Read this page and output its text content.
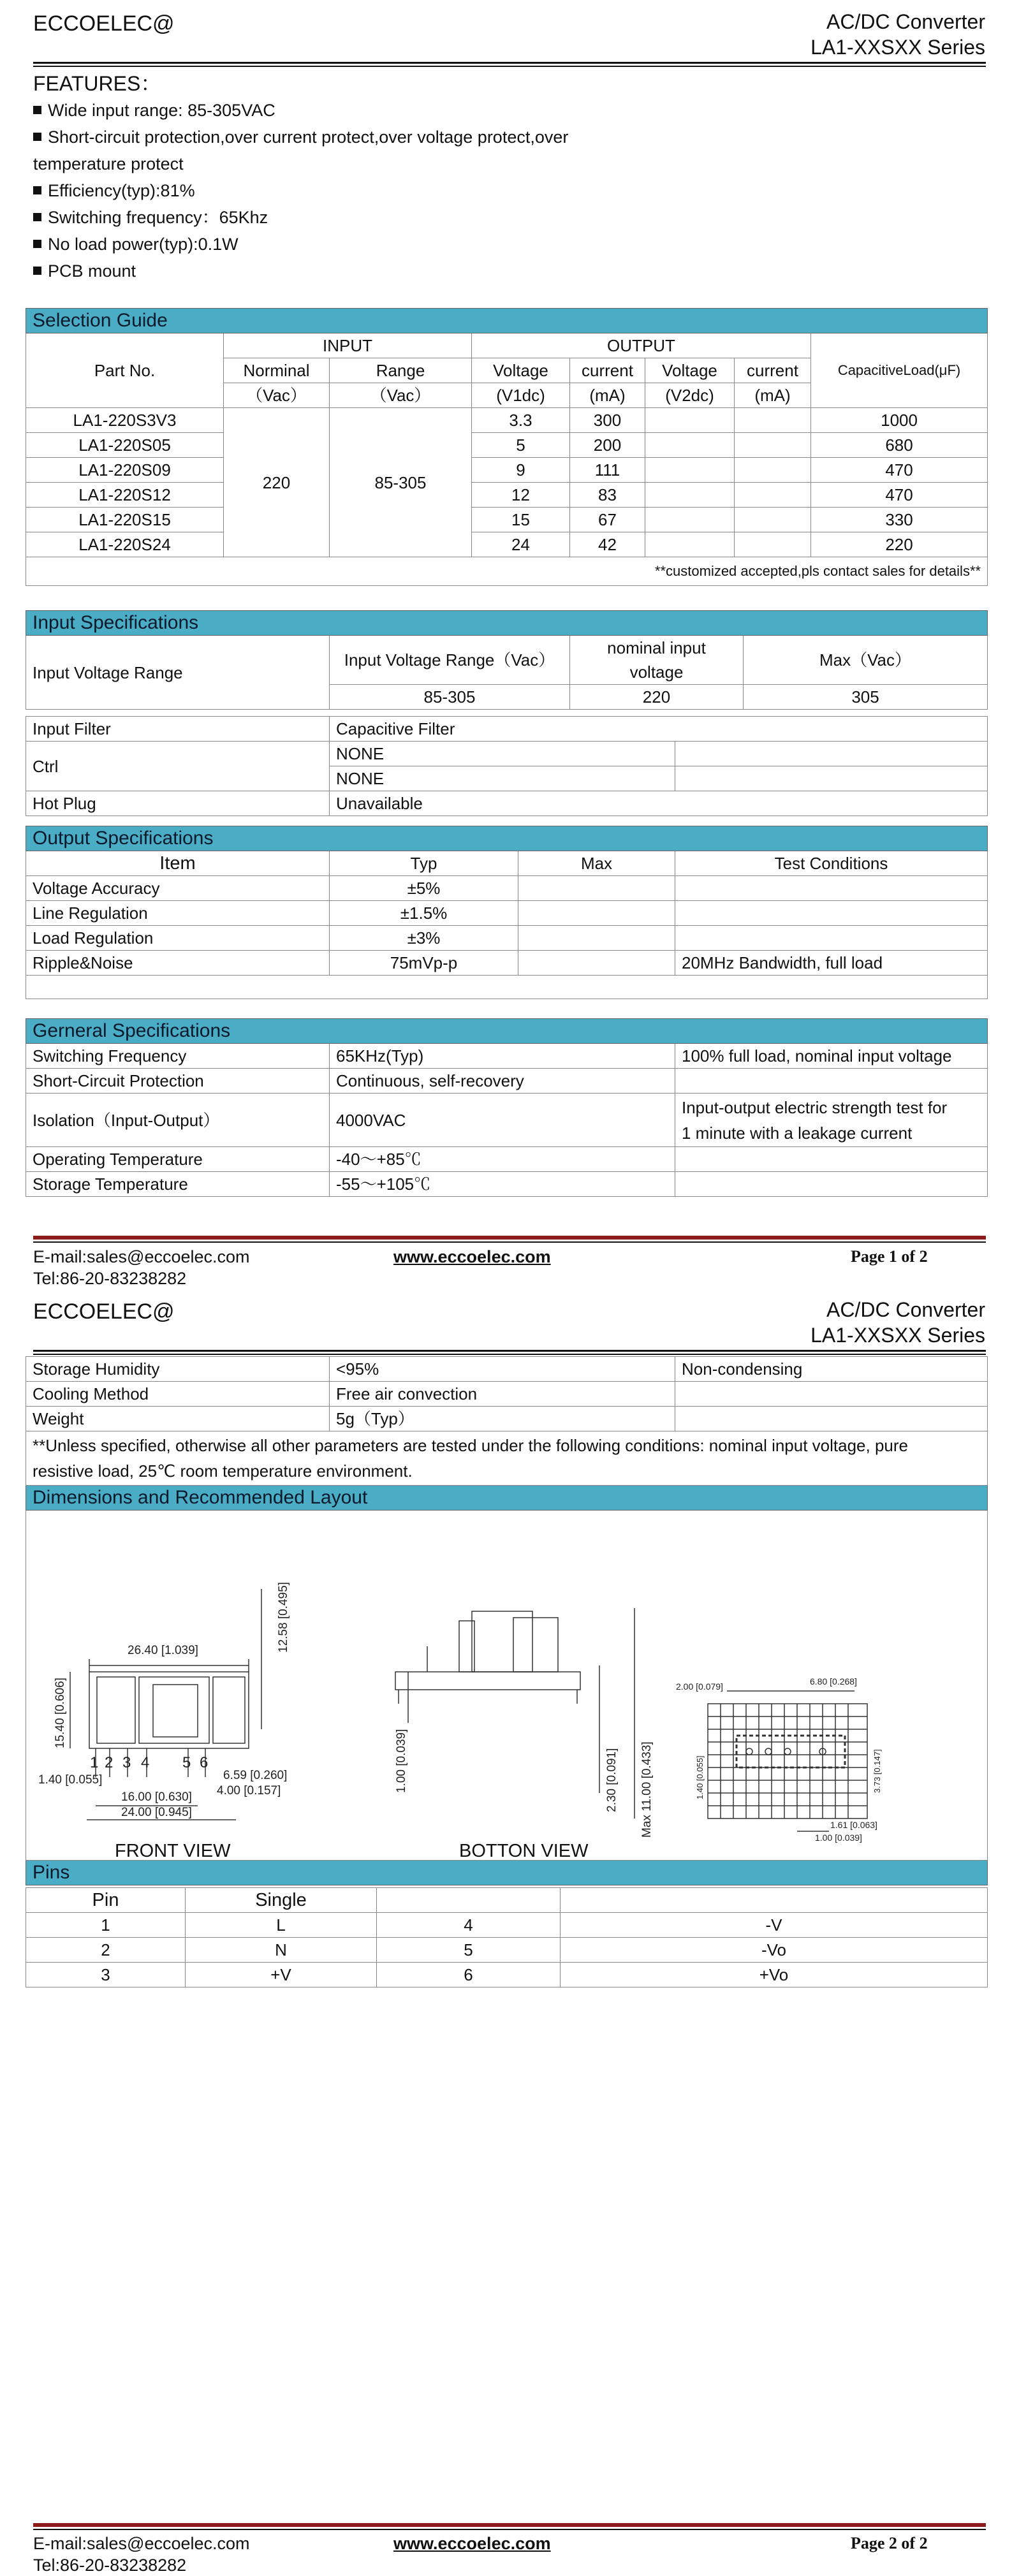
ECCOELEC@	AC/DC Converter
LA1-XXSXX Series
FEATURES：
Wide input range: 85-305VAC
Short-circuit protection,over current protect,over voltage protect,over
temperature protect
Efficiency(typ):81%
Switching frequency：65Khz
No load power(typ):0.1W
PCB mount
Selection Guide							
Part No.	INPUT		OUTPUT				CapacitiveLoad(μF)
	Norminal	Range	Voltage	current	Voltage	current	
	（Vac）	（Vac）	(V1dc)	(mA)	(V2dc)	(mA)	
LA1-220S3V3	220	85-305	3.3	300			1000
LA1-220S05			5	200			680
LA1-220S09			9	111			470
LA1-220S12			12	83			470
LA1-220S15			15	67			330
LA1-220S24			24	42			220
**customized accepted,pls contact sales for details**							
Input Specifications			
Input Voltage Range	Input Voltage Range（Vac）	nominal input
voltage	Max（Vac）
	85-305	220	305
Input Filter	Capacitive Filter	
Ctrl	NONE	
	NONE	
Hot Plug	Unavailable	
Output Specifications			
Item	Typ	Max	Test Conditions
Voltage Accuracy	±5%		
Line Regulation	±1.5%		
Load Regulation	±3%		
Ripple&Noise	75mVp-p		20MHz Bandwidth, full load

Gerneral Specifications		
Switching Frequency	65KHz(Typ)	100% full load, nominal input voltage
Short-Circuit Protection	Continuous, self-recovery	
Isolation（Input-Output）	4000VAC	Input-output electric strength test for
1 minute with a leakage current

Operating Temperature	-40～+85℃	
Storage Temperature	-55～+105℃	
E-mail:sales@eccoelec.com
Tel:86-20-83238282
www.eccoelec.com	Page 1 of 2
ECCOELEC@	AC/DC Converter
LA1-XXSXX Series
Storage Humidity	<95%	Non-condensing
Cooling Method	Free air convection	
Weight	5g（Typ）	

**Unless specified, otherwise all other parameters are tested under the following conditions: nominal input voltage, pure
resistive load, 25℃ room temperature environment.		

Dimensions and Recommended Layout		

Pins		
26.40 [1.039]	12.58 [0.495]
15.40 [0.606]
1.40 [0.055]
16.00 [0.630]
24.00 [0.945]
6.59 [0.260]
4.00 [0.157]	1.00 [0.039]	2.30 [0.091] Max 11.00 [0.433]
2.00 [0.079]	6.80 [0.268]
1.40 [0.055]	3.73 [0.147]
1.61 [0.063]
1.00 [0.039]
1 2 3 4 5 6
FRONT VIEW	BOTTON VIEW
Pin	Single		
1	L	4	-V
2	N	5	-Vo
3	+V	6	+Vo
E-mail:sales@eccoelec.com
Tel:86-20-83238282
www.eccoelec.com	Page 2 of 2
